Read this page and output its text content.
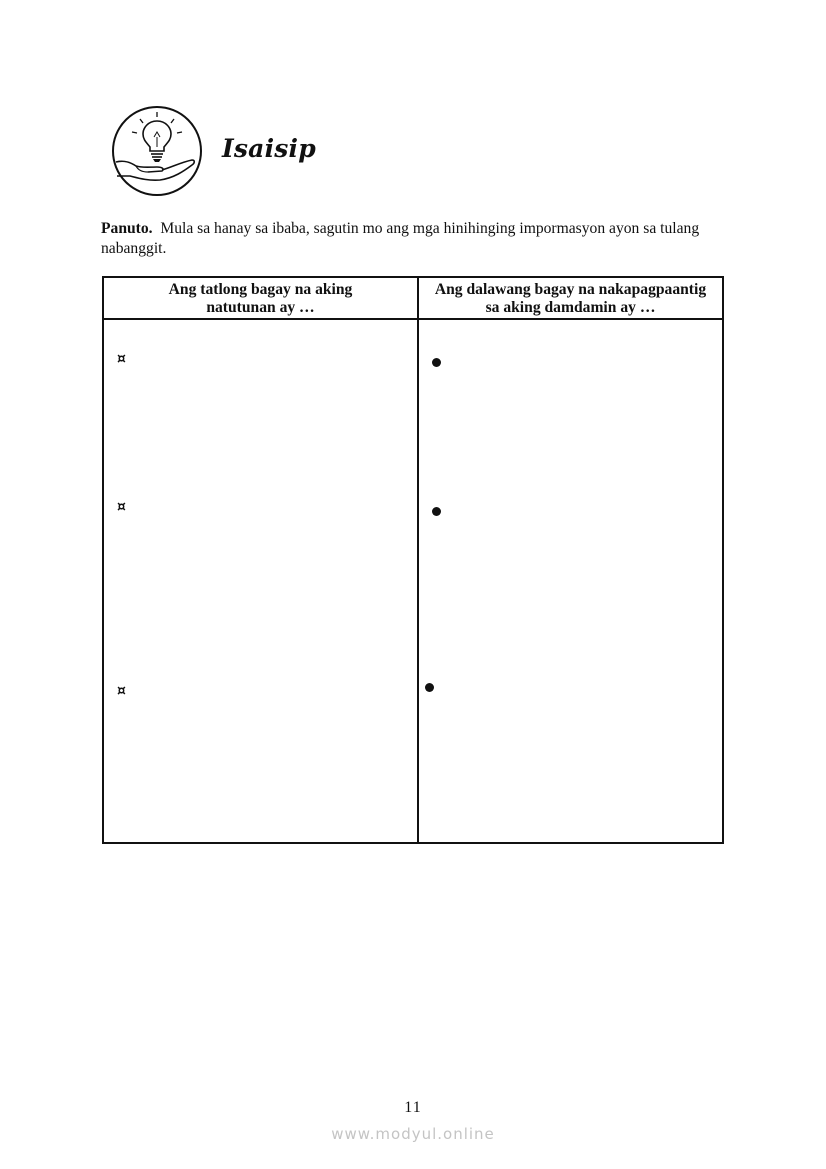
Isaisip

Panuto. Mula sa hanay sa ibaba, sagutin mo ang mga hinihinging impormasyon ayon sa tulang nabanggit.

Ang tatlong bagay na aking
natutunan ay …
Ang dalawang bagay na nakapagpaantig
sa aking damdamin ay …
¤
¤
¤
11
www.modyul.online
